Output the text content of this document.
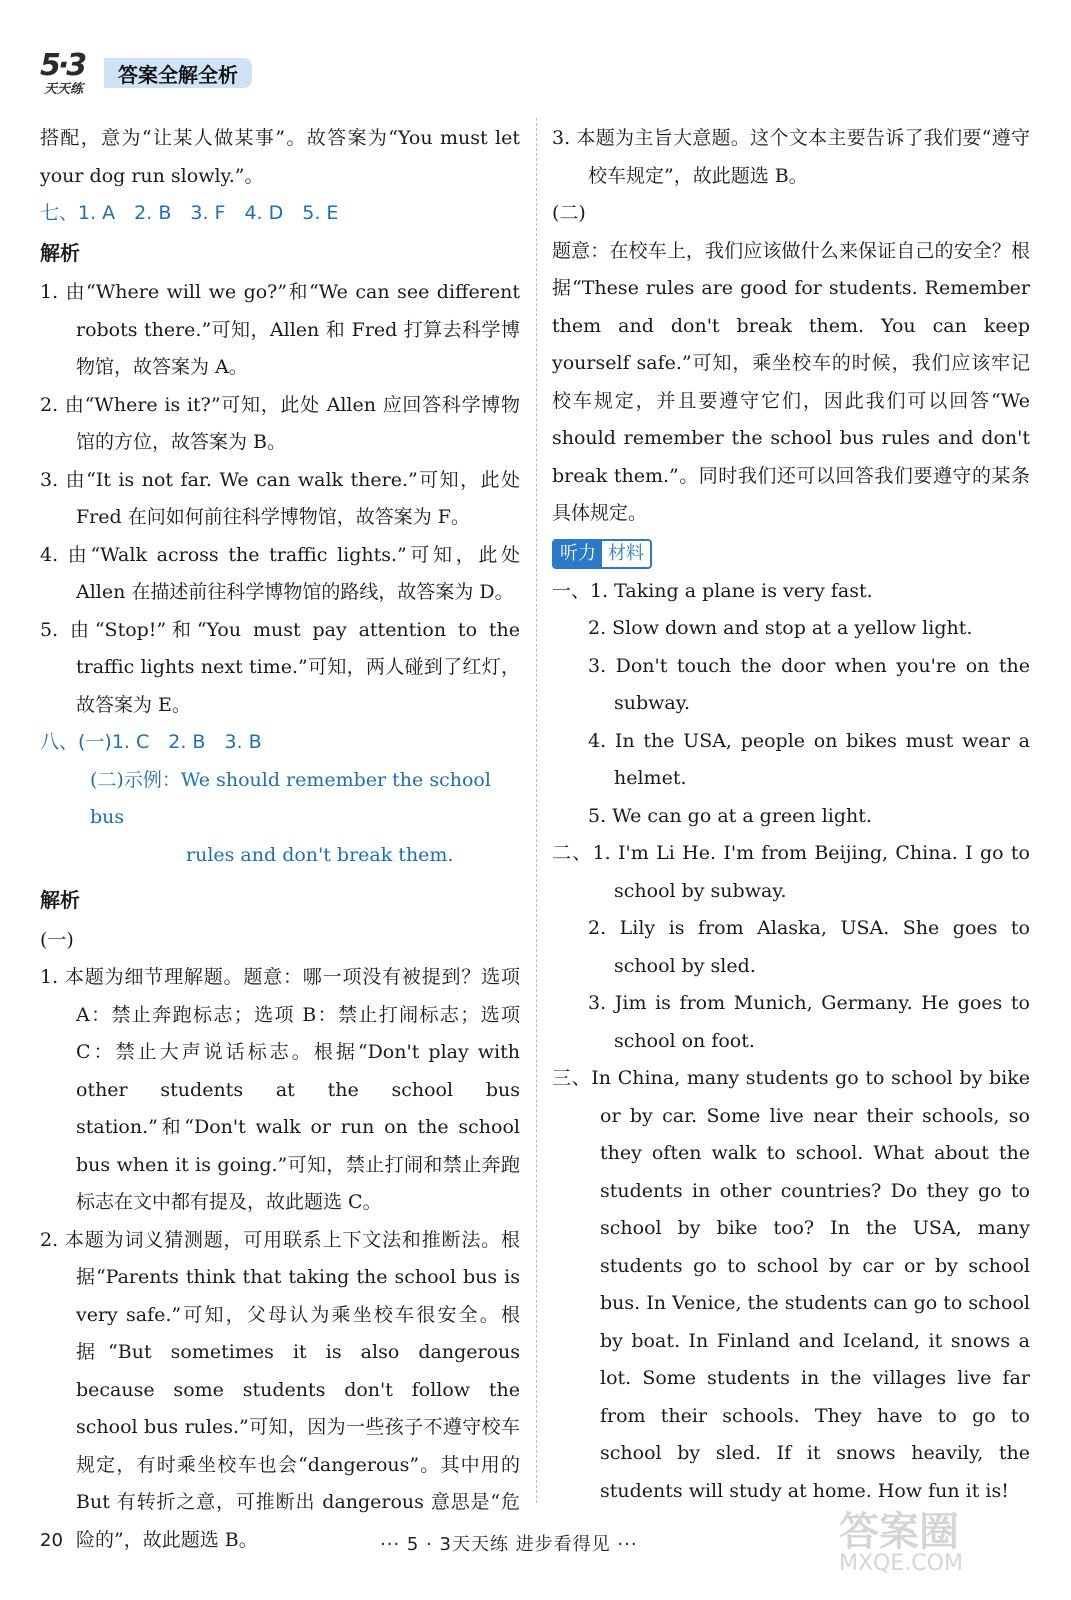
5·3
天天练
答案全解全析

搭配，意为“让某人做某事”。故答案为“You must let your dog run slowly.”。

七、1. A　2. B　3. F　4. D　5. E

解析

1. 由“Where will we go?”和“We can see different robots there.”可知，Allen 和 Fred 打算去科学博物馆，故答案为 A。

2. 由“Where is it?”可知，此处 Allen 应回答科学博物馆的方位，故答案为 B。

3. 由“It is not far. We can walk there.”可知，此处 Fred 在问如何前往科学博物馆，故答案为 F。

4. 由“Walk across the traffic lights.”可知，此处 Allen 在描述前往科学博物馆的路线，故答案为 D。

5. 由“Stop!”和“You must pay attention to the traffic lights next time.”可知，两人碰到了红灯，故答案为 E。

八、(一)1. C　2. B　3. B

(二)示例：We should remember the school bus
rules and don't break them.

解析

(一)

1. 本题为细节理解题。题意：哪一项没有被提到？选项 A：禁止奔跑标志；选项 B：禁止打闹标志；选项 C：禁止大声说话标志。根据“Don't play with other students at the school bus station.”和“Don't walk or run on the school bus when it is going.”可知，禁止打闹和禁止奔跑标志在文中都有提及，故此题选 C。

2. 本题为词义猜测题，可用联系上下文法和推断法。根据“Parents think that taking the school bus is very safe.”可知，父母认为乘坐校车很安全。根据“But sometimes it is also dangerous because some students don't follow the school bus rules.”可知，因为一些孩子不遵守校车规定，有时乘坐校车也会“dangerous”。其中用的 But 有转折之意，可推断出 dangerous 意思是“危险的”，故此题选 B。

3. 本题为主旨大意题。这个文本主要告诉了我们要“遵守校车规定”，故此题选 B。

(二)

题意：在校车上，我们应该做什么来保证自己的安全？根据“These rules are good for students. Remember them and don't break them. You can keep yourself safe.”可知，乘坐校车的时候，我们应该牢记校车规定，并且要遵守它们，因此我们可以回答“We should remember the school bus rules and don't break them.”。同时我们还可以回答我们要遵守的某条具体规定。

听力 材料

一、1. Taking a plane is very fast.

2. Slow down and stop at a yellow light.

3. Don't touch the door when you're on the subway.

4. In the USA, people on bikes must wear a helmet.

5. We can go at a green light.

二、1. I'm Li He. I'm from Beijing, China. I go to school by subway.

2. Lily is from Alaska, USA. She goes to school by sled.

3. Jim is from Munich, Germany. He goes to school on foot.

三、In China, many students go to school by bike or by car. Some live near their schools, so they often walk to school. What about the students in other countries? Do they go to school by bike too? In the USA, many students go to school by car or by school bus. In Venice, the students can go to school by boat. In Finland and Iceland, it snows a lot. Some students in the villages live far from their schools. They have to go to school by sled. If it snows heavily, the students will study at home. How fun it is!

20	··· 5 · 3天天练 进步看得见 ···	答案圈
MXQE.COM
